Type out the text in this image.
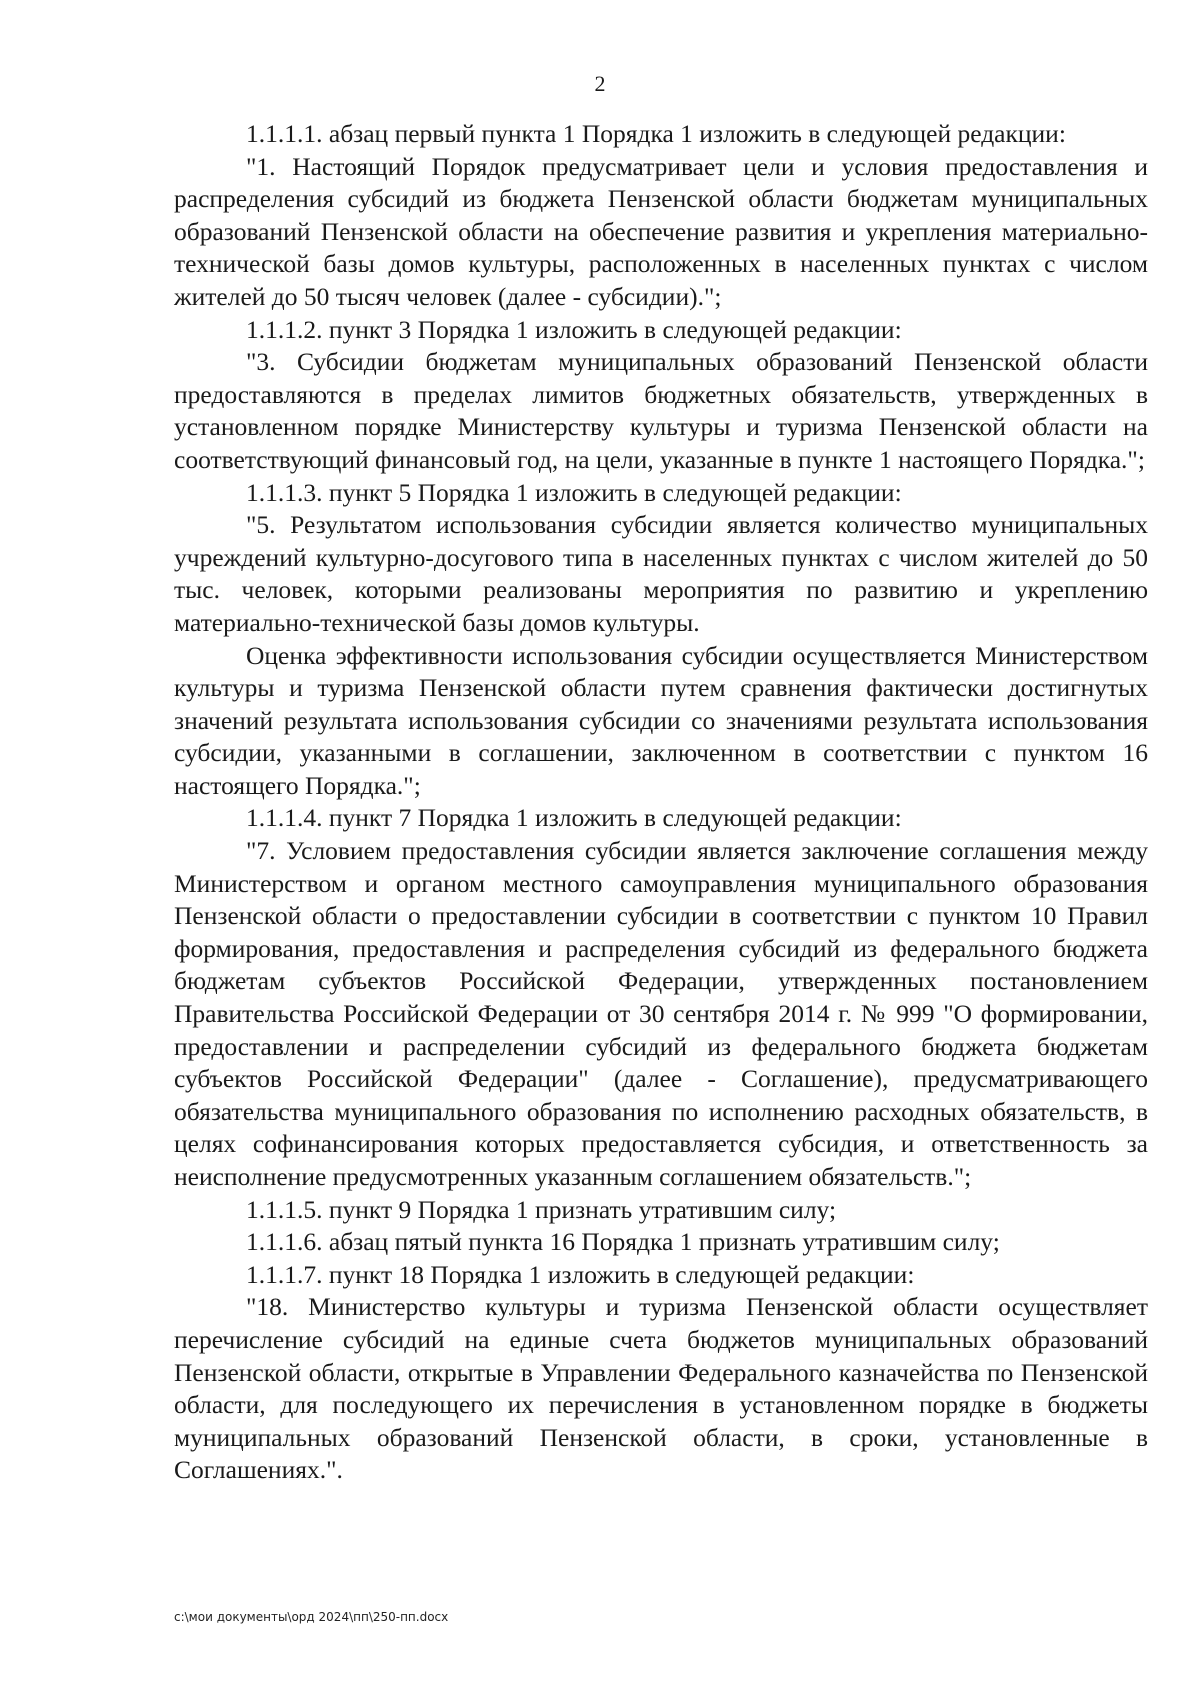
2

1.1.1.1. абзац первый пункта 1 Порядка 1 изложить в следующей редакции:

"1. Настоящий Порядок предусматривает цели и условия предоставления и распределения субсидий из бюджета Пензенской области бюджетам муниципальных образований Пензенской области на обеспечение развития и укрепления материально-технической базы домов культуры, расположенных в населенных пунктах с числом жителей до 50 тысяч человек (далее - субсидии).";

1.1.1.2. пункт 3 Порядка 1 изложить в следующей редакции:

"3. Субсидии бюджетам муниципальных образований Пензенской области предоставляются в пределах лимитов бюджетных обязательств, утвержденных в установленном порядке Министерству культуры и туризма Пензенской области на соответствующий финансовый год, на цели, указанные в пункте 1 настоящего Порядка.";

1.1.1.3. пункт 5 Порядка 1 изложить в следующей редакции:

"5. Результатом использования субсидии является количество муниципальных учреждений культурно-досугового типа в населенных пунктах с числом жителей до 50 тыс. человек, которыми реализованы мероприятия по развитию и укреплению материально-технической базы домов культуры.

Оценка эффективности использования субсидии осуществляется Министерством культуры и туризма Пензенской области путем сравнения фактически достигнутых значений результата использования субсидии со значениями результата использования субсидии, указанными в соглашении, заключенном в соответствии с пунктом 16 настоящего Порядка.";

1.1.1.4. пункт 7 Порядка 1 изложить в следующей редакции:

"7. Условием предоставления субсидии является заключение соглашения между Министерством и органом местного самоуправления муниципального образования Пензенской области о предоставлении субсидии в соответствии с пунктом 10 Правил формирования, предоставления и распределения субсидий из федерального бюджета бюджетам субъектов Российской Федерации, утвержденных постановлением Правительства Российской Федерации от 30 сентября 2014 г. № 999 "О формировании, предоставлении и распределении субсидий из федерального бюджета бюджетам субъектов Российской Федерации" (далее - Соглашение), предусматривающего обязательства муниципального образования по исполнению расходных обязательств, в целях софинансирования которых предоставляется субсидия, и ответственность за неисполнение предусмотренных указанным соглашением обязательств.";

1.1.1.5. пункт 9 Порядка 1 признать утратившим силу;

1.1.1.6. абзац пятый пункта 16 Порядка 1 признать утратившим силу;

1.1.1.7. пункт 18 Порядка 1 изложить в следующей редакции:

"18. Министерство культуры и туризма Пензенской области осуществляет перечисление субсидий на единые счета бюджетов муниципальных образований Пензенской области, открытые в Управлении Федерального казначейства по Пензенской области, для последующего их перечисления в установленном порядке в бюджеты муниципальных образований Пензенской области, в сроки, установленные в Соглашениях.".

c:\мои документы\орд 2024\пп\250-пп.docx
